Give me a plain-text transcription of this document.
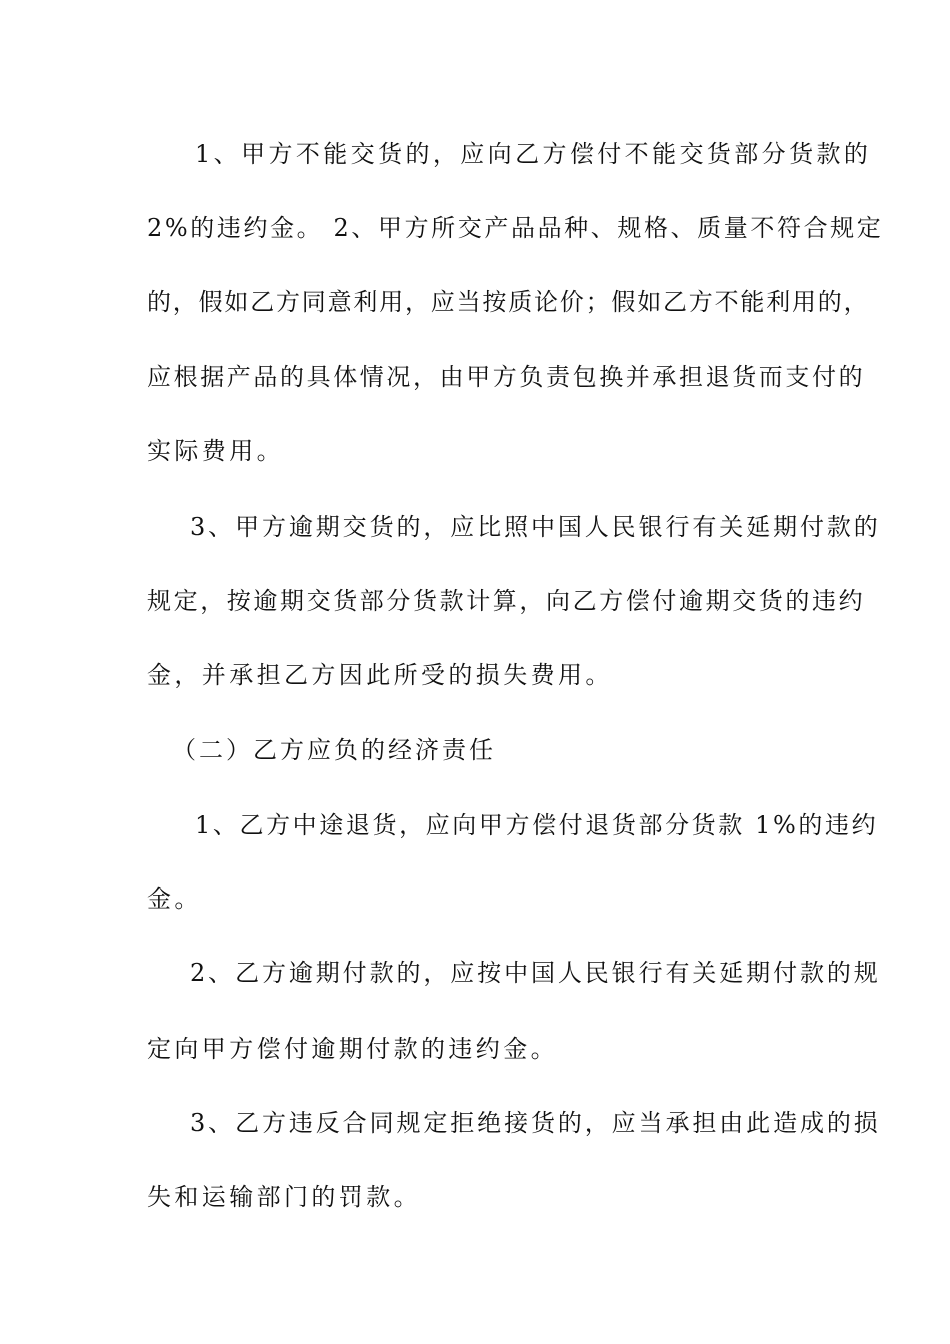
1、甲方不能交货的，应向乙方偿付不能交货部分货款的
2%的违约金。 2、甲方所交产品品种、规格、质量不符合规定
的，假如乙方同意利用，应当按质论价；假如乙方不能利用的，
应根据产品的具体情况，由甲方负责包换并承担退货而支付的
实际费用。
3、甲方逾期交货的，应比照中国人民银行有关延期付款的
规定，按逾期交货部分货款计算，向乙方偿付逾期交货的违约
金，并承担乙方因此所受的损失费用。
（二）乙方应负的经济责任
1、乙方中途退货，应向甲方偿付退货部分货款 1%的违约
金。
2、乙方逾期付款的，应按中国人民银行有关延期付款的规
定向甲方偿付逾期付款的违约金。
3、乙方违反合同规定拒绝接货的，应当承担由此造成的损
失和运输部门的罚款。
